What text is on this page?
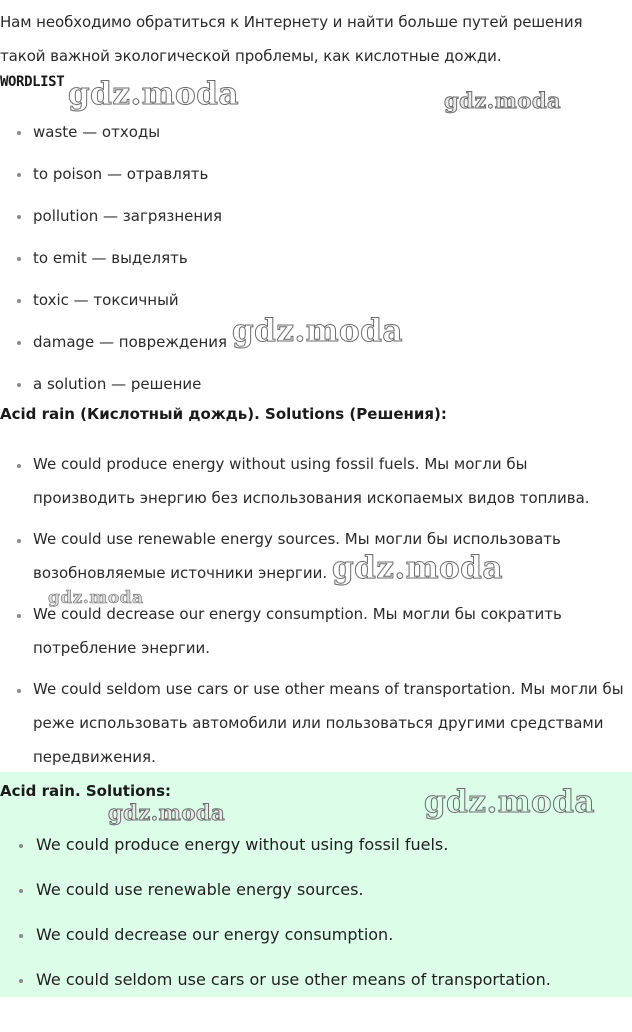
Нам необходимо обратиться к Интернету и найти больше путей решения такой важной экологической проблемы, как кислотные дожди.

WORDLIST
waste — отходы
to poison — отравлять
pollution — загрязнения
to emit — выделять
toxic — токсичный
damage — повреждения
a solution — решение
Acid rain (Кислотный дождь). Solutions (Решения):
We could produce energy without using fossil fuels. Мы могли бы производить энергию без использования ископаемых видов топлива.
We could use renewable energy sources. Мы могли бы использовать возобновляемые источники энергии.
We could decrease our energy consumption. Мы могли бы сократить потребление энергии.
We could seldom use cars or use other means of transportation. Мы могли бы реже использовать автомобили или пользоваться другими средствами передвижения.
Acid rain. Solutions:
We could produce energy without using fossil fuels.
We could use renewable energy sources.
We could decrease our energy consumption.
We could seldom use cars or use other means of transportation.
gdz.moda	gdz.moda
gdz.moda
gdz.moda
gdz.moda
gdz.moda	gdz.moda
